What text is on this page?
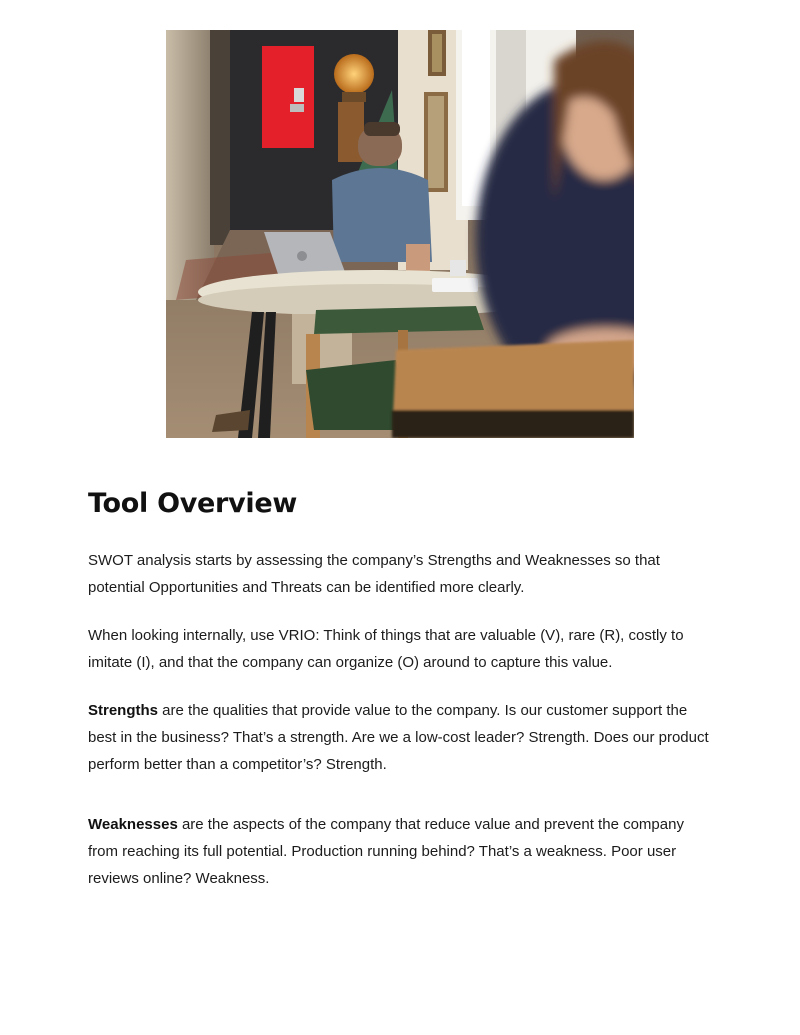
Tool Overview

SWOT analysis starts by assessing the company’s Strengths and Weaknesses so that potential Opportunities and Threats can be identified more clearly.

When looking internally, use VRIO: Think of things that are valuable (V), rare (R), costly to imitate (I), and that the company can organize (O) around to capture this value.

Strengths are the qualities that provide value to the company. Is our customer support the best in the business? That’s a strength. Are we a low-cost leader? Strength. Does our product perform better than a competitor’s? Strength.

Weaknesses are the aspects of the company that reduce value and prevent the company from reaching its full potential. Production running behind? That’s a weakness. Poor user reviews online? Weakness.
